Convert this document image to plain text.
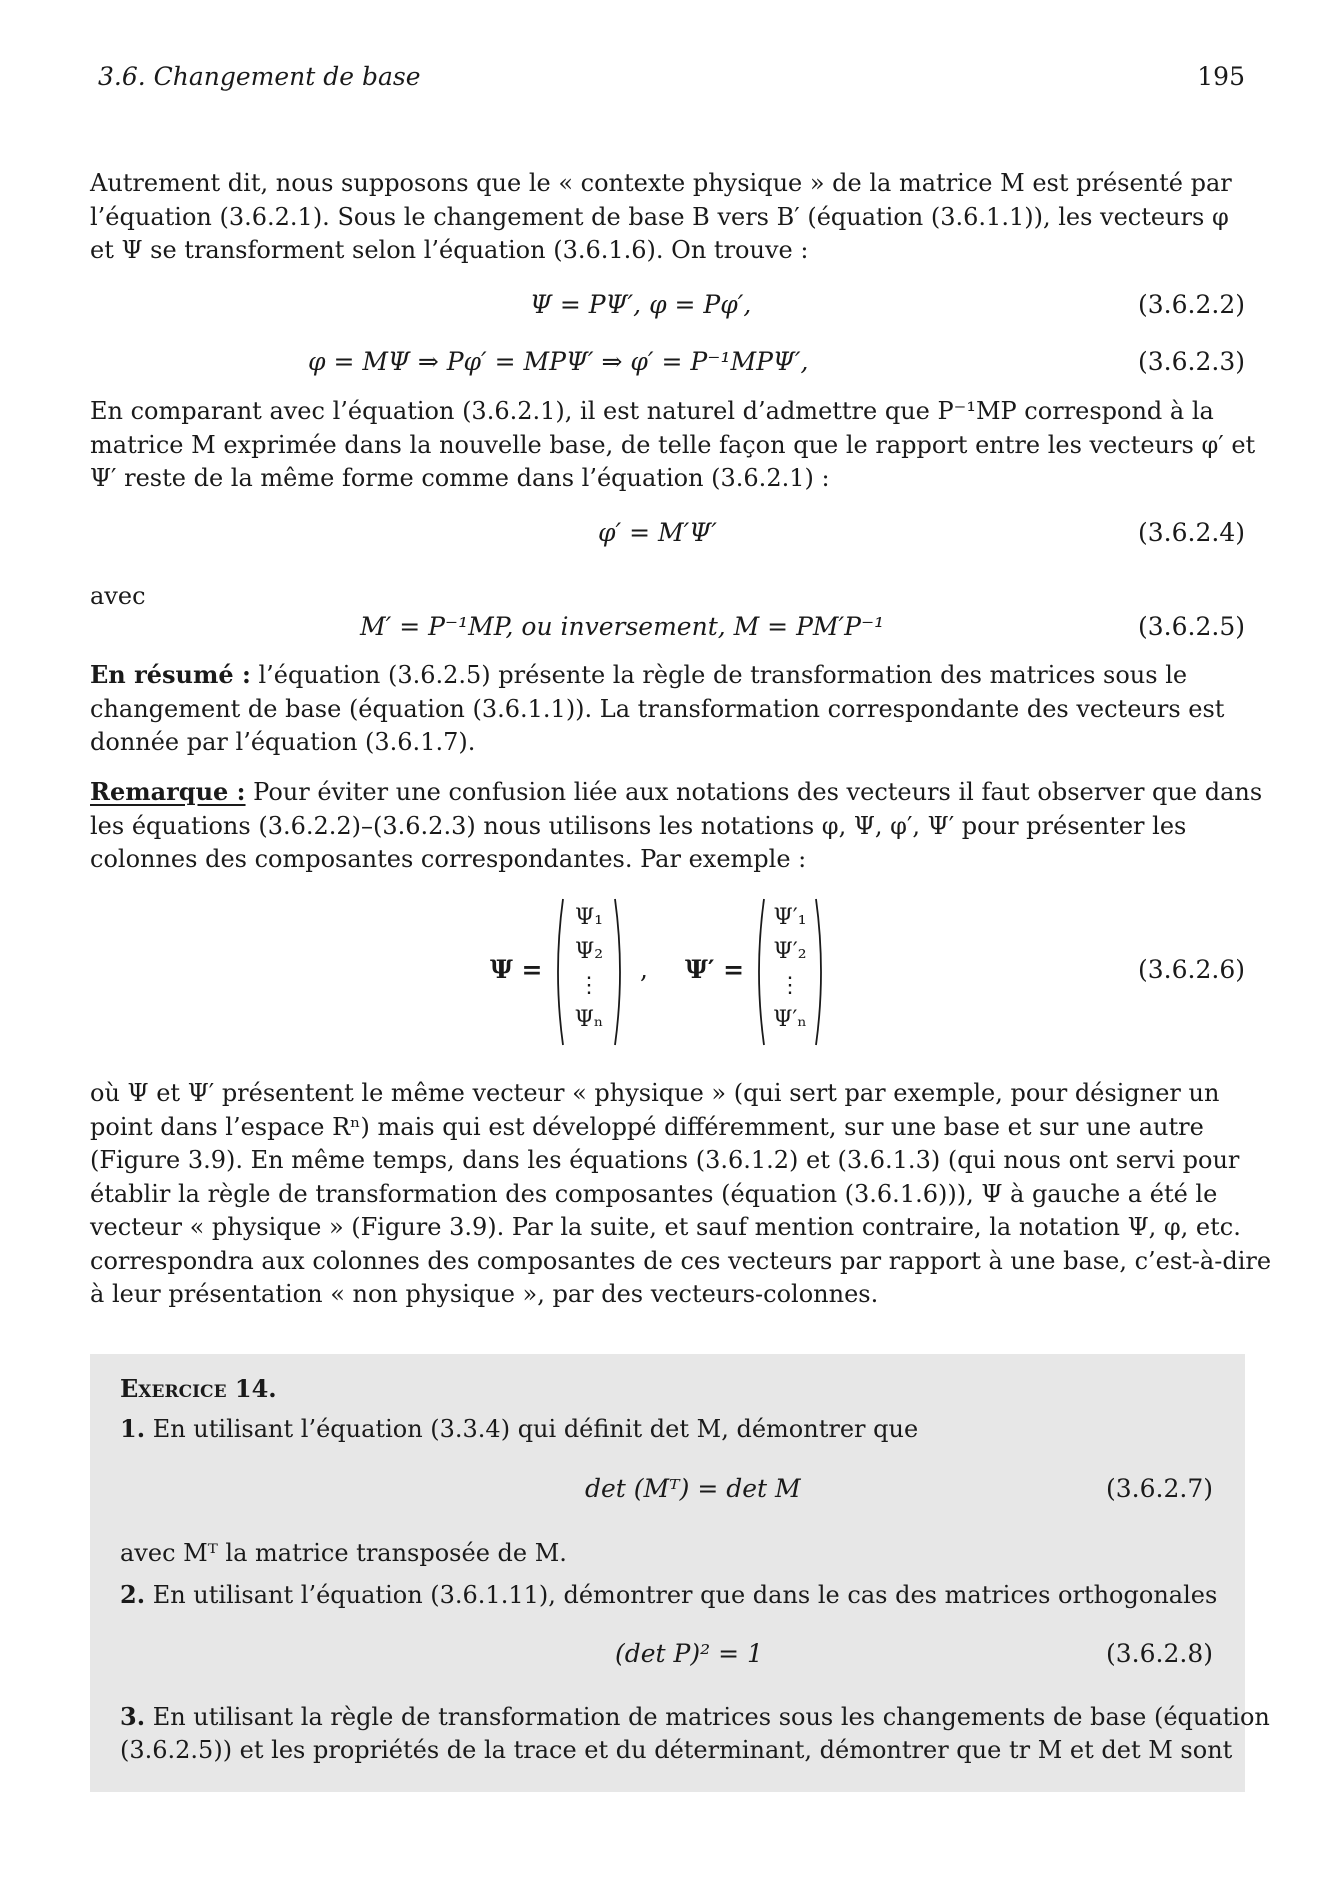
3.6. Changement de base	195
Autrement dit, nous supposons que le « contexte physique » de la matrice M est présenté par
l’équation (3.6.2.1). Sous le changement de base B vers B′ (équation (3.6.1.1)), les vecteurs φ
et Ψ se transforment selon l’équation (3.6.1.6). On trouve :
Ψ = PΨ′, φ = Pφ′,	(3.6.2.2)
φ = MΨ ⇒ Pφ′ = MPΨ′ ⇒ φ′ = P⁻¹MPΨ′,	(3.6.2.3)
En comparant avec l’équation (3.6.2.1), il est naturel d’admettre que P⁻¹MP correspond à la
matrice M exprimée dans la nouvelle base, de telle façon que le rapport entre les vecteurs φ′ et
Ψ′ reste de la même forme comme dans l’équation (3.6.2.1) :
φ′ = M′Ψ′	(3.6.2.4)
avec
M′ = P⁻¹MP, ou inversement, M = PM′P⁻¹	(3.6.2.5)
En résumé : l’équation (3.6.2.5) présente la règle de transformation des matrices sous le
changement de base (équation (3.6.1.1)). La transformation correspondante des vecteurs est
donnée par l’équation (3.6.1.7).
Remarque : Pour éviter une confusion liée aux notations des vecteurs il faut observer que dans
les équations (3.6.2.2)–(3.6.2.3) nous utilisons les notations φ, Ψ, φ′, Ψ′ pour présenter les
colonnes des composantes correspondantes. Par exemple :
Ψ =
Ψ₁
Ψ₂
⋮
Ψₙ
, Ψ′ =
Ψ′₁
Ψ′₂
⋮
Ψ′ₙ
(3.6.2.6)
où Ψ et Ψ′ présentent le même vecteur « physique » (qui sert par exemple, pour désigner un
point dans l’espace Rⁿ) mais qui est développé différemment, sur une base et sur une autre
(Figure 3.9). En même temps, dans les équations (3.6.1.2) et (3.6.1.3) (qui nous ont servi pour
établir la règle de transformation des composantes (équation (3.6.1.6))), Ψ à gauche a été le
vecteur « physique » (Figure 3.9). Par la suite, et sauf mention contraire, la notation Ψ, φ, etc.
correspondra aux colonnes des composantes de ces vecteurs par rapport à une base, c’est-à-dire
à leur présentation « non physique », par des vecteurs-colonnes.
Exercice 14.
1. En utilisant l’équation (3.3.4) qui définit det M, démontrer que
det (Mᵀ) = det M	(3.6.2.7)
avec Mᵀ la matrice transposée de M.
2. En utilisant l’équation (3.6.1.11), démontrer que dans le cas des matrices orthogonales
(det P)² = 1	(3.6.2.8)
3. En utilisant la règle de transformation de matrices sous les changements de base (équation
(3.6.2.5)) et les propriétés de la trace et du déterminant, démontrer que tr M et det M sont
